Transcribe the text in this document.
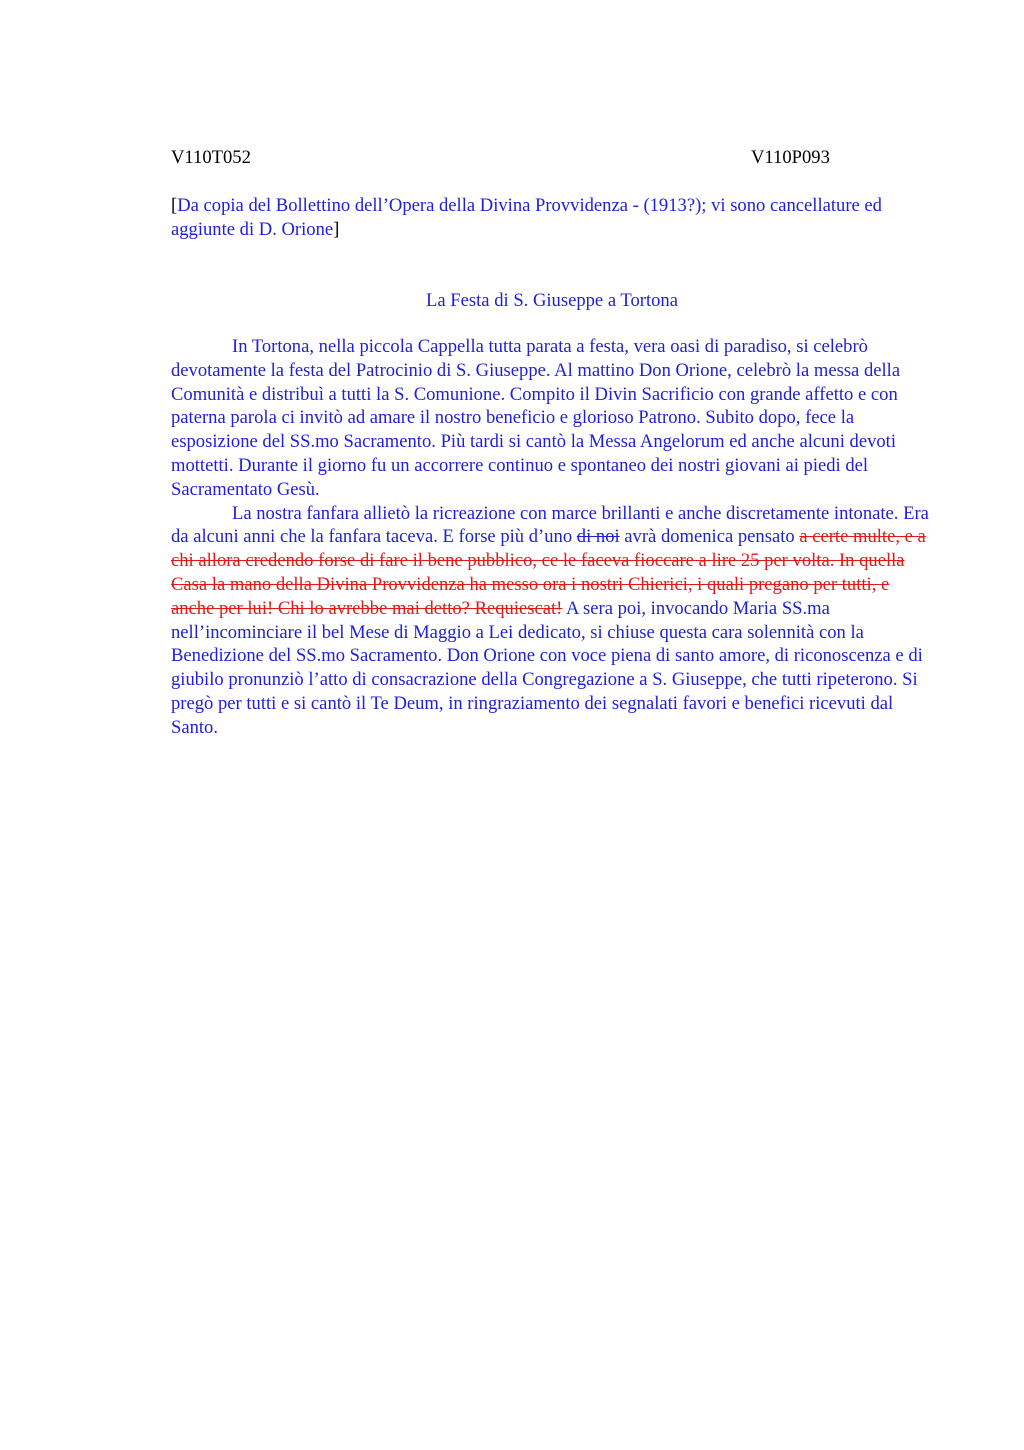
V110T052	V110P093
[Da copia del Bollettino dell’Opera della Divina Provvidenza - (1913?); vi sono cancellature ed aggiunte di D. Orione]
La Festa di S. Giuseppe a Tortona

In Tortona, nella piccola Cappella tutta parata a festa, vera oasi di paradiso, si celebrò devotamente la festa del Patrocinio di S. Giuseppe. Al mattino Don Orione, celebrò la messa della Comunità e distribuì a tutti la S. Comunione. Compito il Divin Sacrificio con grande affetto e con paterna parola ci invitò ad amare il nostro beneficio e glorioso Patrono. Subito dopo, fece la esposizione del SS.mo Sacramento. Più tardi si cantò la Messa Angelorum ed anche alcuni devoti mottetti. Durante il giorno fu un accorrere continuo e spontaneo dei nostri giovani ai piedi del Sacramentato Gesù.

La nostra fanfara allietò la ricreazione con marce brillanti e anche discretamente intonate. Era da alcuni anni che la fanfara taceva. E forse più d’uno di noi avrà domenica pensato a certe multe, e a chi allora credendo forse di fare il bene pubblico, ce le faceva fioccare a lire 25 per volta. In quella Casa la mano della Divina Provvidenza ha messo ora i nostri Chierici, i quali pregano per tutti, e anche per lui! Chi lo avrebbe mai detto? Requiescat! A sera poi, invocando Maria SS.ma nell’incominciare il bel Mese di Maggio a Lei dedicato, si chiuse questa cara solennità con la Benedizione del SS.mo Sacramento. Don Orione con voce piena di santo amore, di riconoscenza e di giubilo pronunziò l’atto di consacrazione della Congregazione a S. Giuseppe, che tutti ripeterono. Si pregò per tutti e si cantò il Te Deum, in ringraziamento dei segnalati favori e benefici ricevuti dal Santo.
